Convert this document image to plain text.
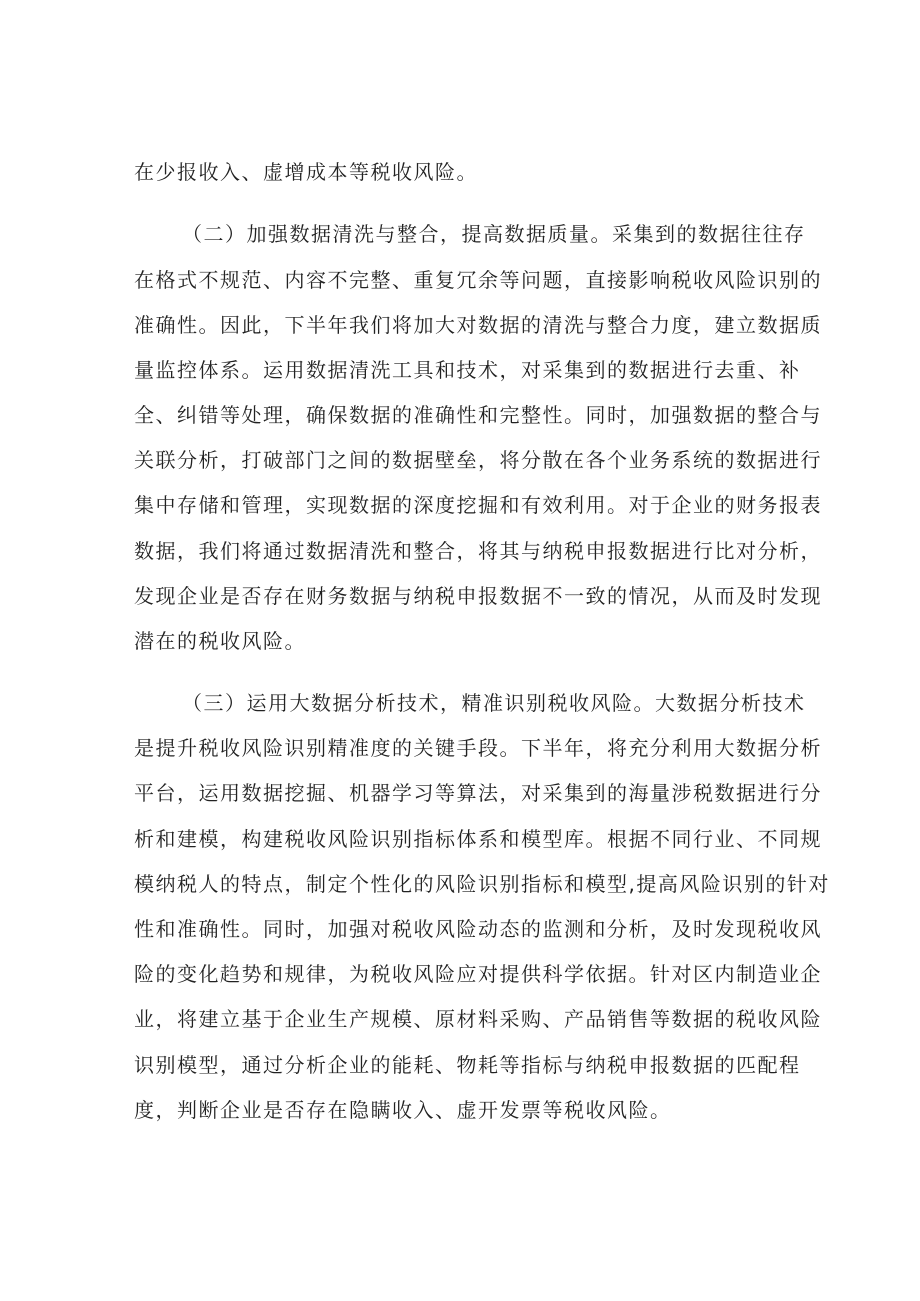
在少报收入、虚增成本等税收风险。
（二）加强数据清洗与整合，提高数据质量。采集到的数据往往存
在格式不规范、内容不完整、重复冗余等问题，直接影响税收风险识别的
准确性。因此，下半年我们将加大对数据的清洗与整合力度，建立数据质
量监控体系。运用数据清洗工具和技术，对采集到的数据进行去重、补
全、纠错等处理，确保数据的准确性和完整性。同时，加强数据的整合与
关联分析，打破部门之间的数据壁垒，将分散在各个业务系统的数据进行
集中存储和管理，实现数据的深度挖掘和有效利用。对于企业的财务报表
数据，我们将通过数据清洗和整合，将其与纳税申报数据进行比对分析，
发现企业是否存在财务数据与纳税申报数据不一致的情况，从而及时发现
潜在的税收风险。
（三）运用大数据分析技术，精准识别税收风险。大数据分析技术
是提升税收风险识别精准度的关键手段。下半年，将充分利用大数据分析
平台，运用数据挖掘、机器学习等算法，对采集到的海量涉税数据进行分
析和建模，构建税收风险识别指标体系和模型库。根据不同行业、不同规
模纳税人的特点，制定个性化的风险识别指标和模型,提高风险识别的针对
性和准确性。同时，加强对税收风险动态的监测和分析，及时发现税收风
险的变化趋势和规律，为税收风险应对提供科学依据。针对区内制造业企
业，将建立基于企业生产规模、原材料采购、产品销售等数据的税收风险
识别模型，通过分析企业的能耗、物耗等指标与纳税申报数据的匹配程
度，判断企业是否存在隐瞒收入、虚开发票等税收风险。
